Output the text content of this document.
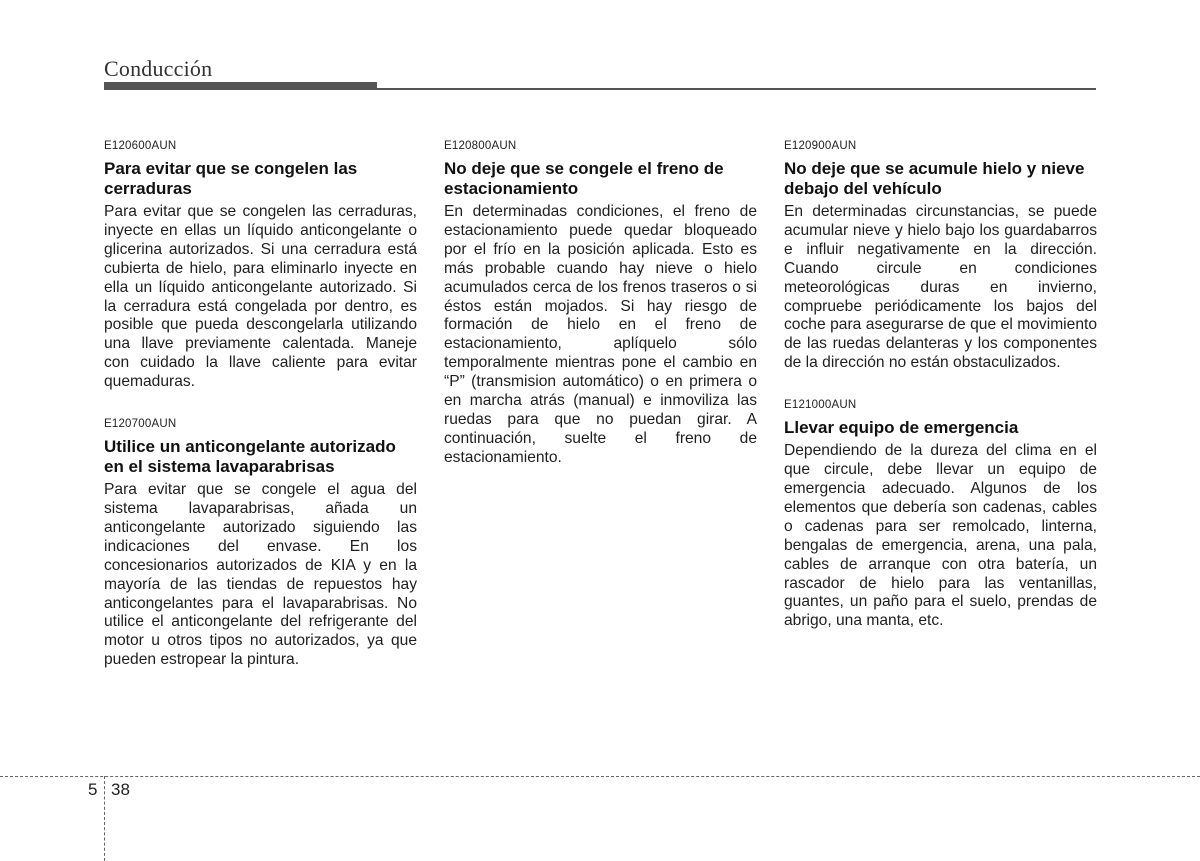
Conducción
E120600AUN
Para evitar que se congelen las cerraduras
Para evitar que se congelen las cerraduras, inyecte en ellas un líquido anticongelante o glicerina autorizados. Si una cerradura está cubierta de hielo, para eliminarlo inyecte en ella un líquido anticongelante autorizado. Si la cerradura está congelada por dentro, es posible que pueda descongelarla utilizando una llave previamente calentada. Maneje con cuidado la llave caliente para evitar quemaduras.
E120700AUN
Utilice un anticongelante autorizado en el sistema lavaparabrisas
Para evitar que se congele el agua del sistema lavaparabrisas, añada un anticongelante autorizado siguiendo las indicaciones del envase. En los concesionarios autorizados de KIA y en la mayoría de las tiendas de repuestos hay anticongelantes para el lavaparabrisas. No utilice el anticongelante del refrigerante del motor u otros tipos no autorizados, ya que pueden estropear la pintura.
E120800AUN
No deje que se congele el freno de estacionamiento
En determinadas condiciones, el freno de estacionamiento puede quedar bloqueado por el frío en la posición aplicada. Esto es más probable cuando hay nieve o hielo acumulados cerca de los frenos traseros o si éstos están mojados. Si hay riesgo de formación de hielo en el freno de estacionamiento, aplíquelo sólo temporalmente mientras pone el cambio en “P” (transmision automático) o en primera o en marcha atrás (manual) e inmoviliza las ruedas para que no puedan girar. A continuación, suelte el freno de estacionamiento.
E120900AUN
No deje que se acumule hielo y nieve debajo del vehículo
En determinadas circunstancias, se puede acumular nieve y hielo bajo los guardabarros e influir negativamente en la dirección. Cuando circule en condiciones meteorológicas duras en invierno, compruebe periódicamente los bajos del coche para asegurarse de que el movimiento de las ruedas delanteras y los componentes de la dirección no están obstaculizados.
E121000AUN
Llevar equipo de emergencia
Dependiendo de la dureza del clima en el que circule, debe llevar un equipo de emergencia adecuado. Algunos de los elementos que debería son cadenas, cables o cadenas para ser remolcado, linterna, bengalas de emergencia, arena, una pala, cables de arranque con otra batería, un rascador de hielo para las ventanillas, guantes, un paño para el suelo, prendas de abrigo, una manta, etc.
5 38
